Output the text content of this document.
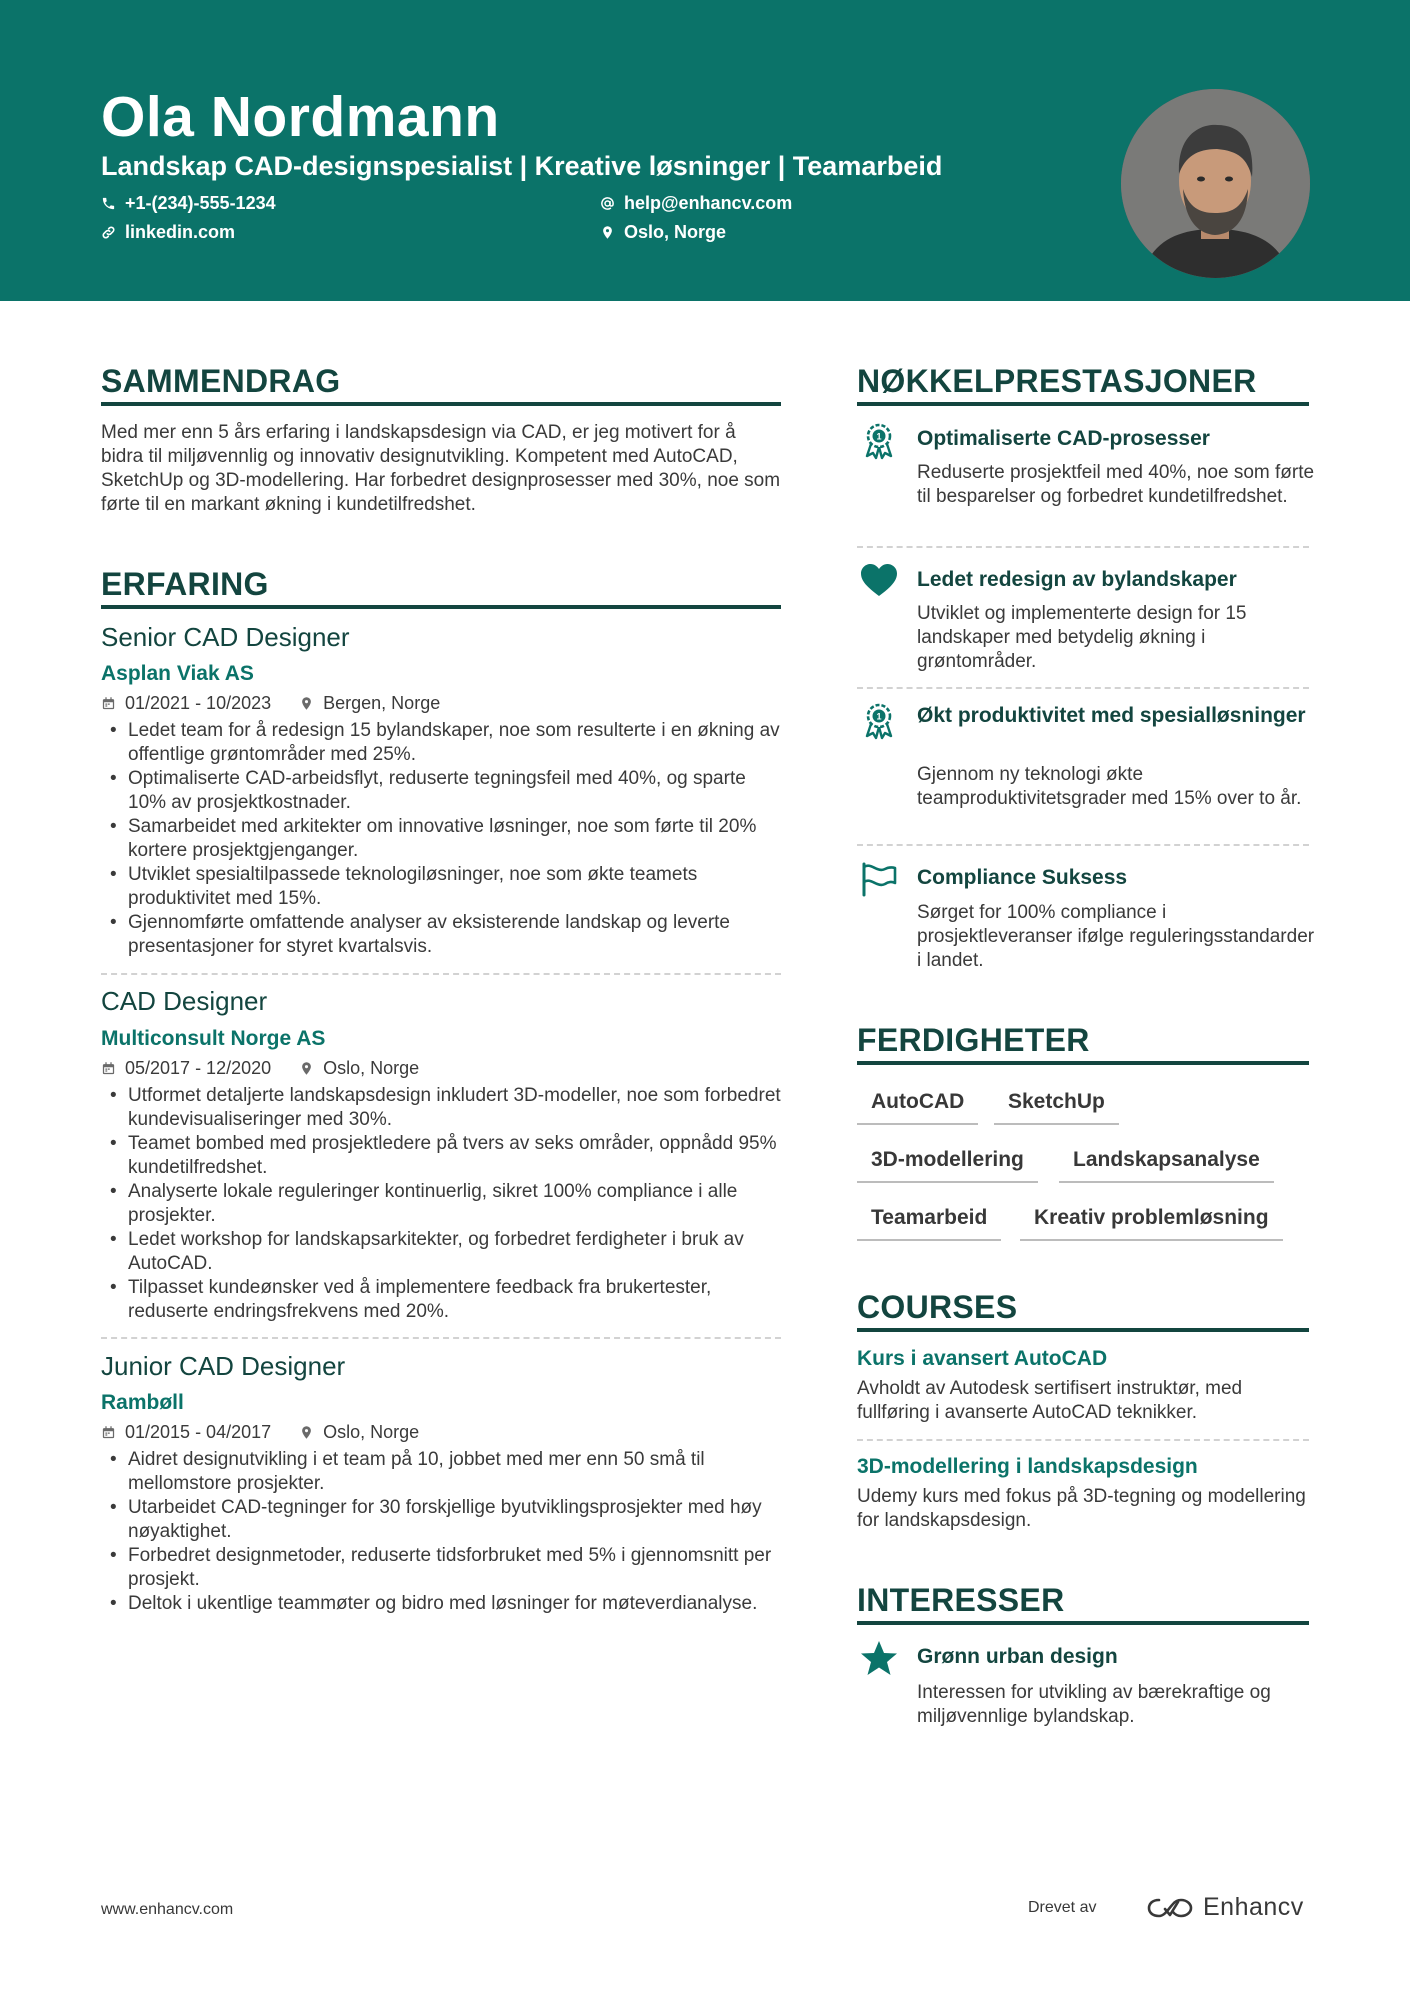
Ola Nordmann
Landskap CAD-designspesialist | Kreative løsninger | Teamarbeid
+1-(234)-555-1234	help@enhancv.com
linkedin.com	Oslo, Norge
SAMMENDRAG
Med mer enn 5 års erfaring i landskapsdesign via CAD, er jeg motivert for å bidra til miljøvennlig og innovativ designutvikling. Kompetent med AutoCAD, SketchUp og 3D-modellering. Har forbedret designprosesser med 30%, noe som førte til en markant økning i kundetilfredshet.
ERFARING
Senior CAD Designer
Asplan Viak AS
01/2021 - 10/2023	Bergen, Norge
• Ledet team for å redesign 15 bylandskaper, noe som resulterte i en økning av offentlige grøntområder med 25%.
• Optimaliserte CAD-arbeidsflyt, reduserte tegningsfeil med 40%, og sparte 10% av prosjektkostnader.
• Samarbeidet med arkitekter om innovative løsninger, noe som førte til 20% kortere prosjektgjenganger.
• Utviklet spesialtilpassede teknologiløsninger, noe som økte teamets produktivitet med 15%.
• Gjennomførte omfattende analyser av eksisterende landskap og leverte presentasjoner for styret kvartalsvis.
CAD Designer
Multiconsult Norge AS
05/2017 - 12/2020	Oslo, Norge
• Utformet detaljerte landskapsdesign inkludert 3D-modeller, noe som forbedret kundevisualiseringer med 30%.
• Teamet bombed med prosjektledere på tvers av seks områder, oppnådd 95% kundetilfredshet.
• Analyserte lokale reguleringer kontinuerlig, sikret 100% compliance i alle prosjekter.
• Ledet workshop for landskapsarkitekter, og forbedret ferdigheter i bruk av AutoCAD.
• Tilpasset kundeønsker ved å implementere feedback fra brukertester, reduserte endringsfrekvens med 20%.
Junior CAD Designer
Rambøll
01/2015 - 04/2017	Oslo, Norge
• Aidret designutvikling i et team på 10, jobbet med mer enn 50 små til mellomstore prosjekter.
• Utarbeidet CAD-tegninger for 30 forskjellige byutviklingsprosjekter med høy nøyaktighet.
• Forbedret designmetoder, reduserte tidsforbruket med 5% i gjennomsnitt per prosjekt.
• Deltok i ukentlige teammøter og bidro med løsninger for møteverdianalyse.
NØKKELPRESTASJONER
1 Optimaliserte CAD-prosesser
Reduserte prosjektfeil med 40%, noe som førte til besparelser og forbedret kundetilfredshet.
Ledet redesign av bylandskaper
Utviklet og implementerte design for 15 landskaper med betydelig økning i grøntområder.
1 Økt produktivitet med spesialløsninger
Gjennom ny teknologi økte teamproduktivitetsgrader med 15% over to år.
Compliance Suksess
Sørget for 100% compliance i prosjektleveranser ifølge reguleringsstandarder i landet.
FERDIGHETER
AutoCAD	SketchUp
3D-modellering	Landskapsanalyse
Teamarbeid	Kreativ problemløsning
COURSES
Kurs i avansert AutoCAD
Avholdt av Autodesk sertifisert instruktør, med fullføring i avanserte AutoCAD teknikker.
3D-modellering i landskapsdesign
Udemy kurs med fokus på 3D-tegning og modellering for landskapsdesign.
INTERESSER
Grønn urban design
Interessen for utvikling av bærekraftige og miljøvennlige bylandskap.
www.enhancv.com	Drevet av	Enhancv
